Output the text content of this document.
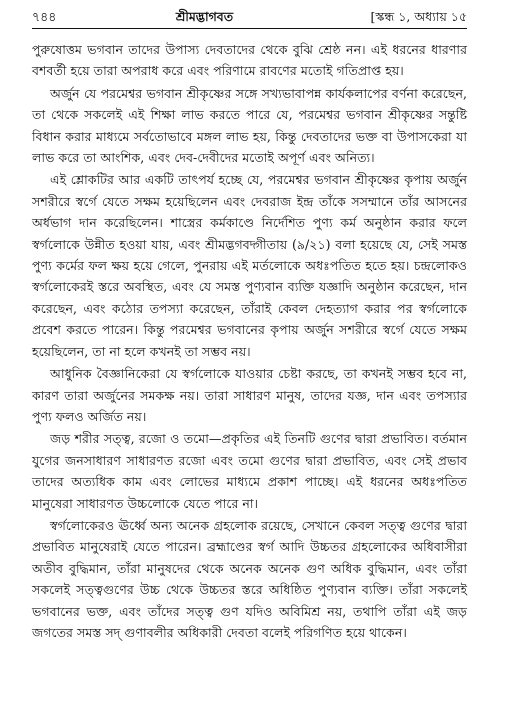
৭৪৪	শ্রীমদ্ভাগবত	[স্কন্ধ ১, অধ্যায় ১৫

পুরুষোত্তম ভগবান তাদের উপাস্য দেবতাদের থেকে বুঝি শ্রেষ্ঠ নন। এই ধরনের ধারণার বশবর্তী হয়ে তারা অপরাধ করে এবং পরিণামে রাবণের মতোই গতিপ্রাপ্ত হয়।

অর্জুন যে পরমেশ্বর ভগবান শ্রীকৃষ্ণের সঙ্গে সখ্যভাবাপন্ন কার্যকলাপের বর্ণনা করেছেন, তা থেকে সকলেই এই শিক্ষা লাভ করতে পারে যে, পরমেশ্বর ভগবান শ্রীকৃষ্ণের সন্তুষ্টি বিধান করার মাধ্যমে সর্বতোভাবে মঙ্গল লাভ হয়, কিন্তু দেবতাদের ভক্ত বা উপাসকেরা যা লাভ করে তা আংশিক, এবং দেব-দেবীদের মতোই অপূর্ণ এবং অনিত্য।

এই শ্লোকটির আর একটি তাৎপর্য হচ্ছে যে, পরমেশ্বর ভগবান শ্রীকৃষ্ণের কৃপায় অর্জুন সশরীরে স্বর্গে যেতে সক্ষম হয়েছিলেন এবং দেবরাজ ইন্দ্র তাঁকে সসম্মানে তাঁর আসনের অর্ধভাগ দান করেছিলেন। শাস্ত্রের কর্মকাণ্ডে নির্দেশিত পুণ্য কর্ম অনুষ্ঠান করার ফলে স্বর্গলোকে উন্নীত হওয়া যায়, এবং শ্রীমদ্ভগবদ্গীতায় (৯/২১) বলা হয়েছে যে, সেই সমস্ত পুণ্য কর্মের ফল ক্ষয় হয়ে গেলে, পুনরায় এই মর্তলোকে অধঃপতিত হতে হয়। চন্দ্রলোকও স্বর্গলোকেরই স্তরে অবস্থিত, এবং যে সমস্ত পুণ্যবান ব্যক্তি যজ্ঞাদি অনুষ্ঠান করেছেন, দান করেছেন, এবং কঠোর তপস্যা করেছেন, তাঁরাই কেবল দেহত্যাগ করার পর স্বর্গলোকে প্রবেশ করতে পারেন। কিন্তু পরমেশ্বর ভগবানের কৃপায় অর্জুন সশরীরে স্বর্গে যেতে সক্ষম হয়েছিলেন, তা না হলে কখনই তা সম্ভব নয়।

আধুনিক বৈজ্ঞানিকেরা যে স্বর্গলোকে যাওয়ার চেষ্টা করছে, তা কখনই সম্ভব হবে না, কারণ তারা অর্জুনের সমকক্ষ নয়। তারা সাধারণ মানুষ, তাদের যজ্ঞ, দান এবং তপস্যার পুণ্য ফলও অর্জিত নয়।

জড় শরীর সত্ত্ব, রজো ও তমো—প্রকৃতির এই তিনটি গুণের দ্বারা প্রভাবিত। বর্তমান যুগের জনসাধারণ সাধারণত রজো এবং তমো গুণের দ্বারা প্রভাবিত, এবং সেই প্রভাব তাদের অত্যধিক কাম এবং লোভের মাধ্যমে প্রকাশ পাচ্ছে। এই ধরনের অধঃপতিত মানুষেরা সাধারণত উচ্চলোকে যেতে পারে না।

স্বর্গলোকেরও ঊর্ধ্বে অন্য অনেক গ্রহলোক রয়েছে, সেখানে কেবল সত্ত্ব গুণের দ্বারা প্রভাবিত মানুষেরাই যেতে পারেন। ব্রহ্মাণ্ডের স্বর্গ আদি উচ্চতর গ্রহলোকের অধিবাসীরা অতীব বুদ্ধিমান, তাঁরা মানুষদের থেকে অনেক অনেক গুণ অধিক বুদ্ধিমান, এবং তাঁরা সকলেই সত্ত্বগুণের উচ্চ থেকে উচ্চতর স্তরে অধিষ্ঠিত পুণ্যবান ব্যক্তি। তাঁরা সকলেই ভগবানের ভক্ত, এবং তাঁদের সত্ত্ব গুণ যদিও অবিমিশ্র নয়, তথাপি তাঁরা এই জড় জগতের সমস্ত সদ্ গুণাবলীর অধিকারী দেবতা বলেই পরিগণিত হয়ে থাকেন।
